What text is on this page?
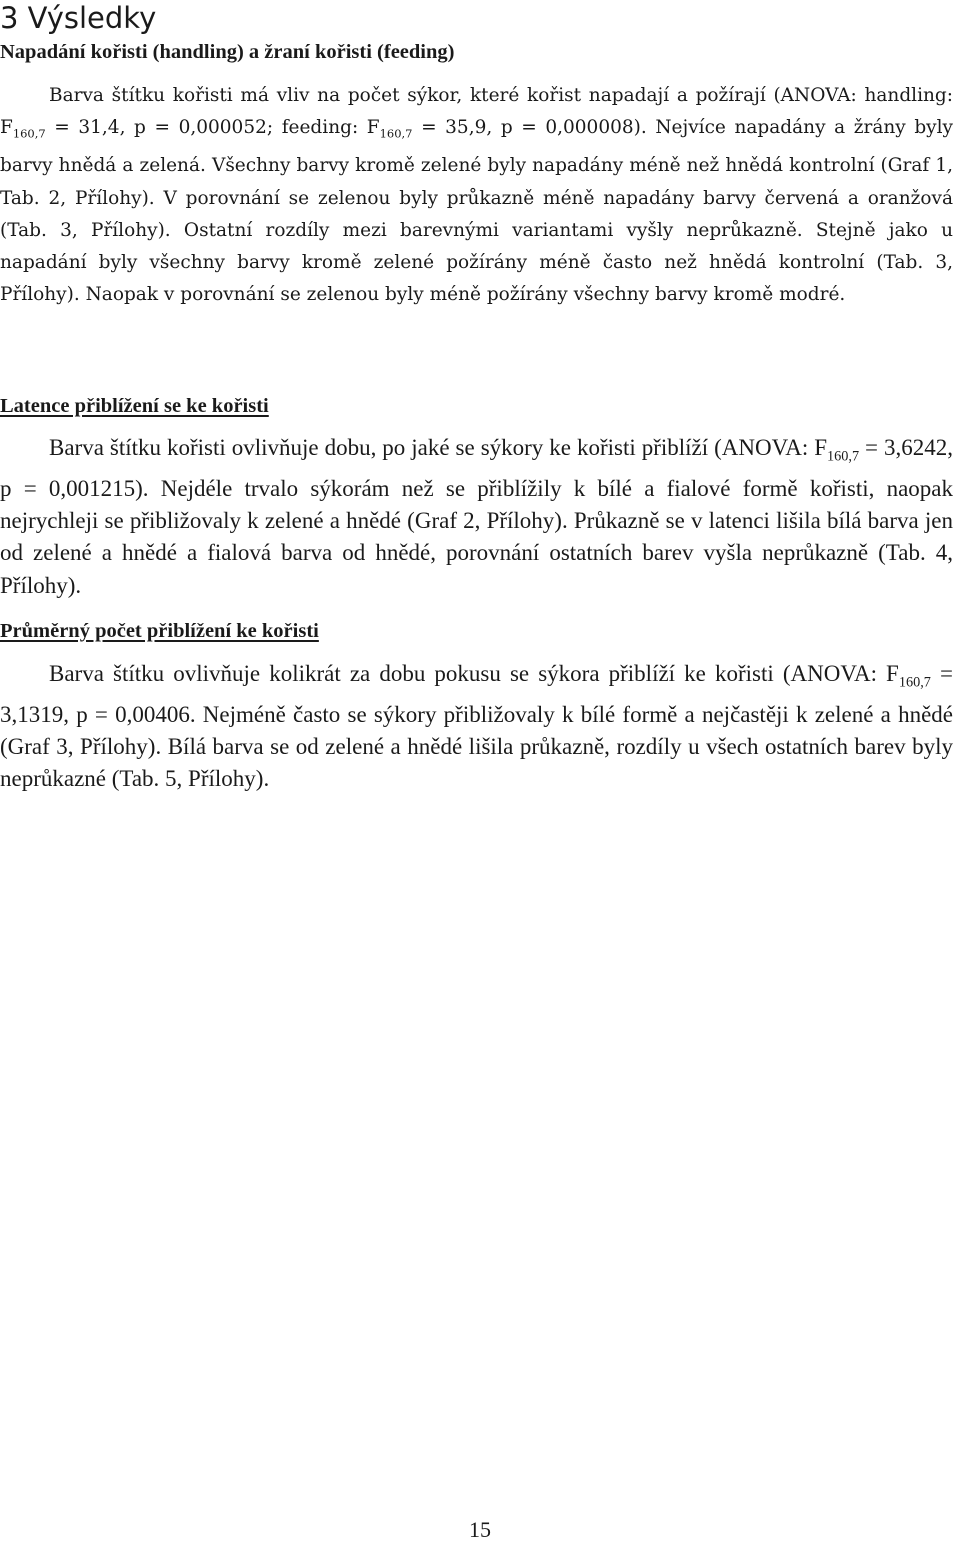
3 Výsledky
Napadání kořisti (handling) a žraní kořisti (feeding)

Barva štítku kořisti má vliv na počet sýkor, které kořist napadají a požírají (ANOVA: handling: $F_{160,7} = 31,4$, p = 0,000052; feeding: $F_{160,7} = 35,9$, p = 0,000008). Nejvíce napadány a žrány byly barvy hnědá a zelená. Všechny barvy kromě zelené byly napadány méně než hnědá kontrolní (Graf 1, Tab. 2, Přílohy). V porovnání se zelenou byly průkazně méně napadány barvy červená a oranžová (Tab. 3, Přílohy). Ostatní rozdíly mezi barevnými variantami vyšly neprůkazně. Stejně jako u napadání byly všechny barvy kromě zelené požírány méně často než hnědá kontrolní (Tab. 3, Přílohy). Naopak v porovnání se zelenou byly méně požírány všechny barvy kromě modré.

Latence přiblížení se ke kořisti

Barva štítku kořisti ovlivňuje dobu, po jaké se sýkory ke kořisti přiblíží (ANOVA: $F_{160,7} = 3,6242$, p = 0,001215). Nejdéle trvalo sýkorám než se přiblížily k bílé a fialové formě kořisti, naopak nejrychleji se přibližovaly k zelené a hnědé (Graf 2, Přílohy). Průkazně se v latenci lišila bílá barva jen od zelené a hnědé a fialová barva od hnědé, porovnání ostatních barev vyšla neprůkazně (Tab. 4, Přílohy).

Průměrný počet přiblížení ke kořisti

Barva štítku ovlivňuje kolikrát za dobu pokusu se sýkora přiblíží ke kořisti (ANOVA: $F_{160,7} = 3,1319$, p = 0,00406. Nejméně často se sýkory přibližovaly k bílé formě a nejčastěji k zelené a hnědé (Graf 3, Přílohy). Bílá barva se od zelené a hnědé lišila průkazně, rozdíly u všech ostatních barev byly neprůkazné (Tab. 5, Přílohy).

15
